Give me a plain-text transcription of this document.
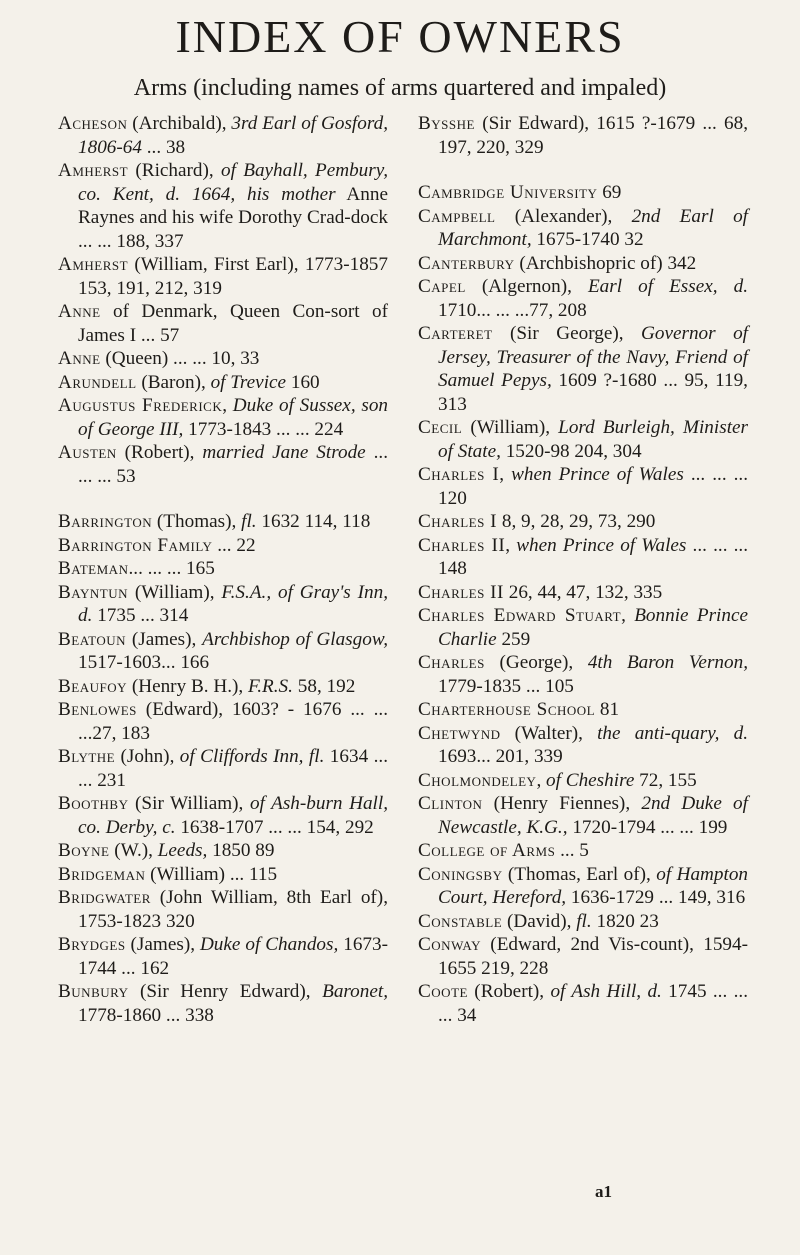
INDEX OF OWNERS
Arms (including names of arms quartered and impaled)

Acheson (Archibald), 3rd Earl of Gosford, 1806-64 ... 38

Amherst (Richard), of Bayhall, Pembury, co. Kent, d. 1664, his mother Anne Raynes and his wife Dorothy Crad-dock ... ... 188, 337

Amherst (William, First Earl), 1773-1857 153, 191, 212, 319

Anne of Denmark, Queen Con-sort of James I ... 57

Anne (Queen) ... ... 10, 33

Arundell (Baron), of Trevice 160

Augustus Frederick, Duke of Sussex, son of George III, 1773-1843 ... ... 224

Austen (Robert), married Jane Strode ... ... ... 53

Barrington (Thomas), fl. 1632 114, 118

Barrington Family ... 22

Bateman... ... ... 165

Bayntun (William), F.S.A., of Gray's Inn, d. 1735 ... 314

Beatoun (James), Archbishop of Glasgow, 1517-1603... 166

Beaufoy (Henry B. H.), F.R.S. 58, 192

Benlowes (Edward), 1603? - 1676 ... ... ...27, 183

Blythe (John), of Cliffords Inn, fl. 1634 ... ... 231

Boothby (Sir William), of Ash-burn Hall, co. Derby, c. 1638-1707 ... ... 154, 292

Boyne (W.), Leeds, 1850 89

Bridgeman (William) ... 115

Bridgwater (John William, 8th Earl of), 1753-1823 320

Brydges (James), Duke of Chandos, 1673-1744 ... 162

Bunbury (Sir Henry Edward), Baronet, 1778-1860 ... 338

Bysshe (Sir Edward), 1615 ?-1679 ... 68, 197, 220, 329

Cambridge University 69

Campbell (Alexander), 2nd Earl of Marchmont, 1675-1740 32

Canterbury (Archbishopric of) 342

Capel (Algernon), Earl of Essex, d. 1710... ... ...77, 208

Carteret (Sir George), Governor of Jersey, Treasurer of the Navy, Friend of Samuel Pepys, 1609 ?-1680 ... 95, 119, 313

Cecil (William), Lord Burleigh, Minister of State, 1520-98 204, 304

Charles I, when Prince of Wales ... ... ... 120

Charles I 8, 9, 28, 29, 73, 290

Charles II, when Prince of Wales ... ... ... 148

Charles II 26, 44, 47, 132, 335

Charles Edward Stuart, Bonnie Prince Charlie 259

Charles (George), 4th Baron Vernon, 1779-1835 ... 105

Charterhouse School 81

Chetwynd (Walter), the anti-quary, d. 1693... 201, 339

Cholmondeley, of Cheshire 72, 155

Clinton (Henry Fiennes), 2nd Duke of Newcastle, K.G., 1720-1794 ... ... 199

College of Arms ... 5

Coningsby (Thomas, Earl of), of Hampton Court, Hereford, 1636-1729 ... 149, 316

Constable (David), fl. 1820 23

Conway (Edward, 2nd Vis-count), 1594-1655 219, 228

Coote (Robert), of Ash Hill, d. 1745 ... ... ... 34

a1
